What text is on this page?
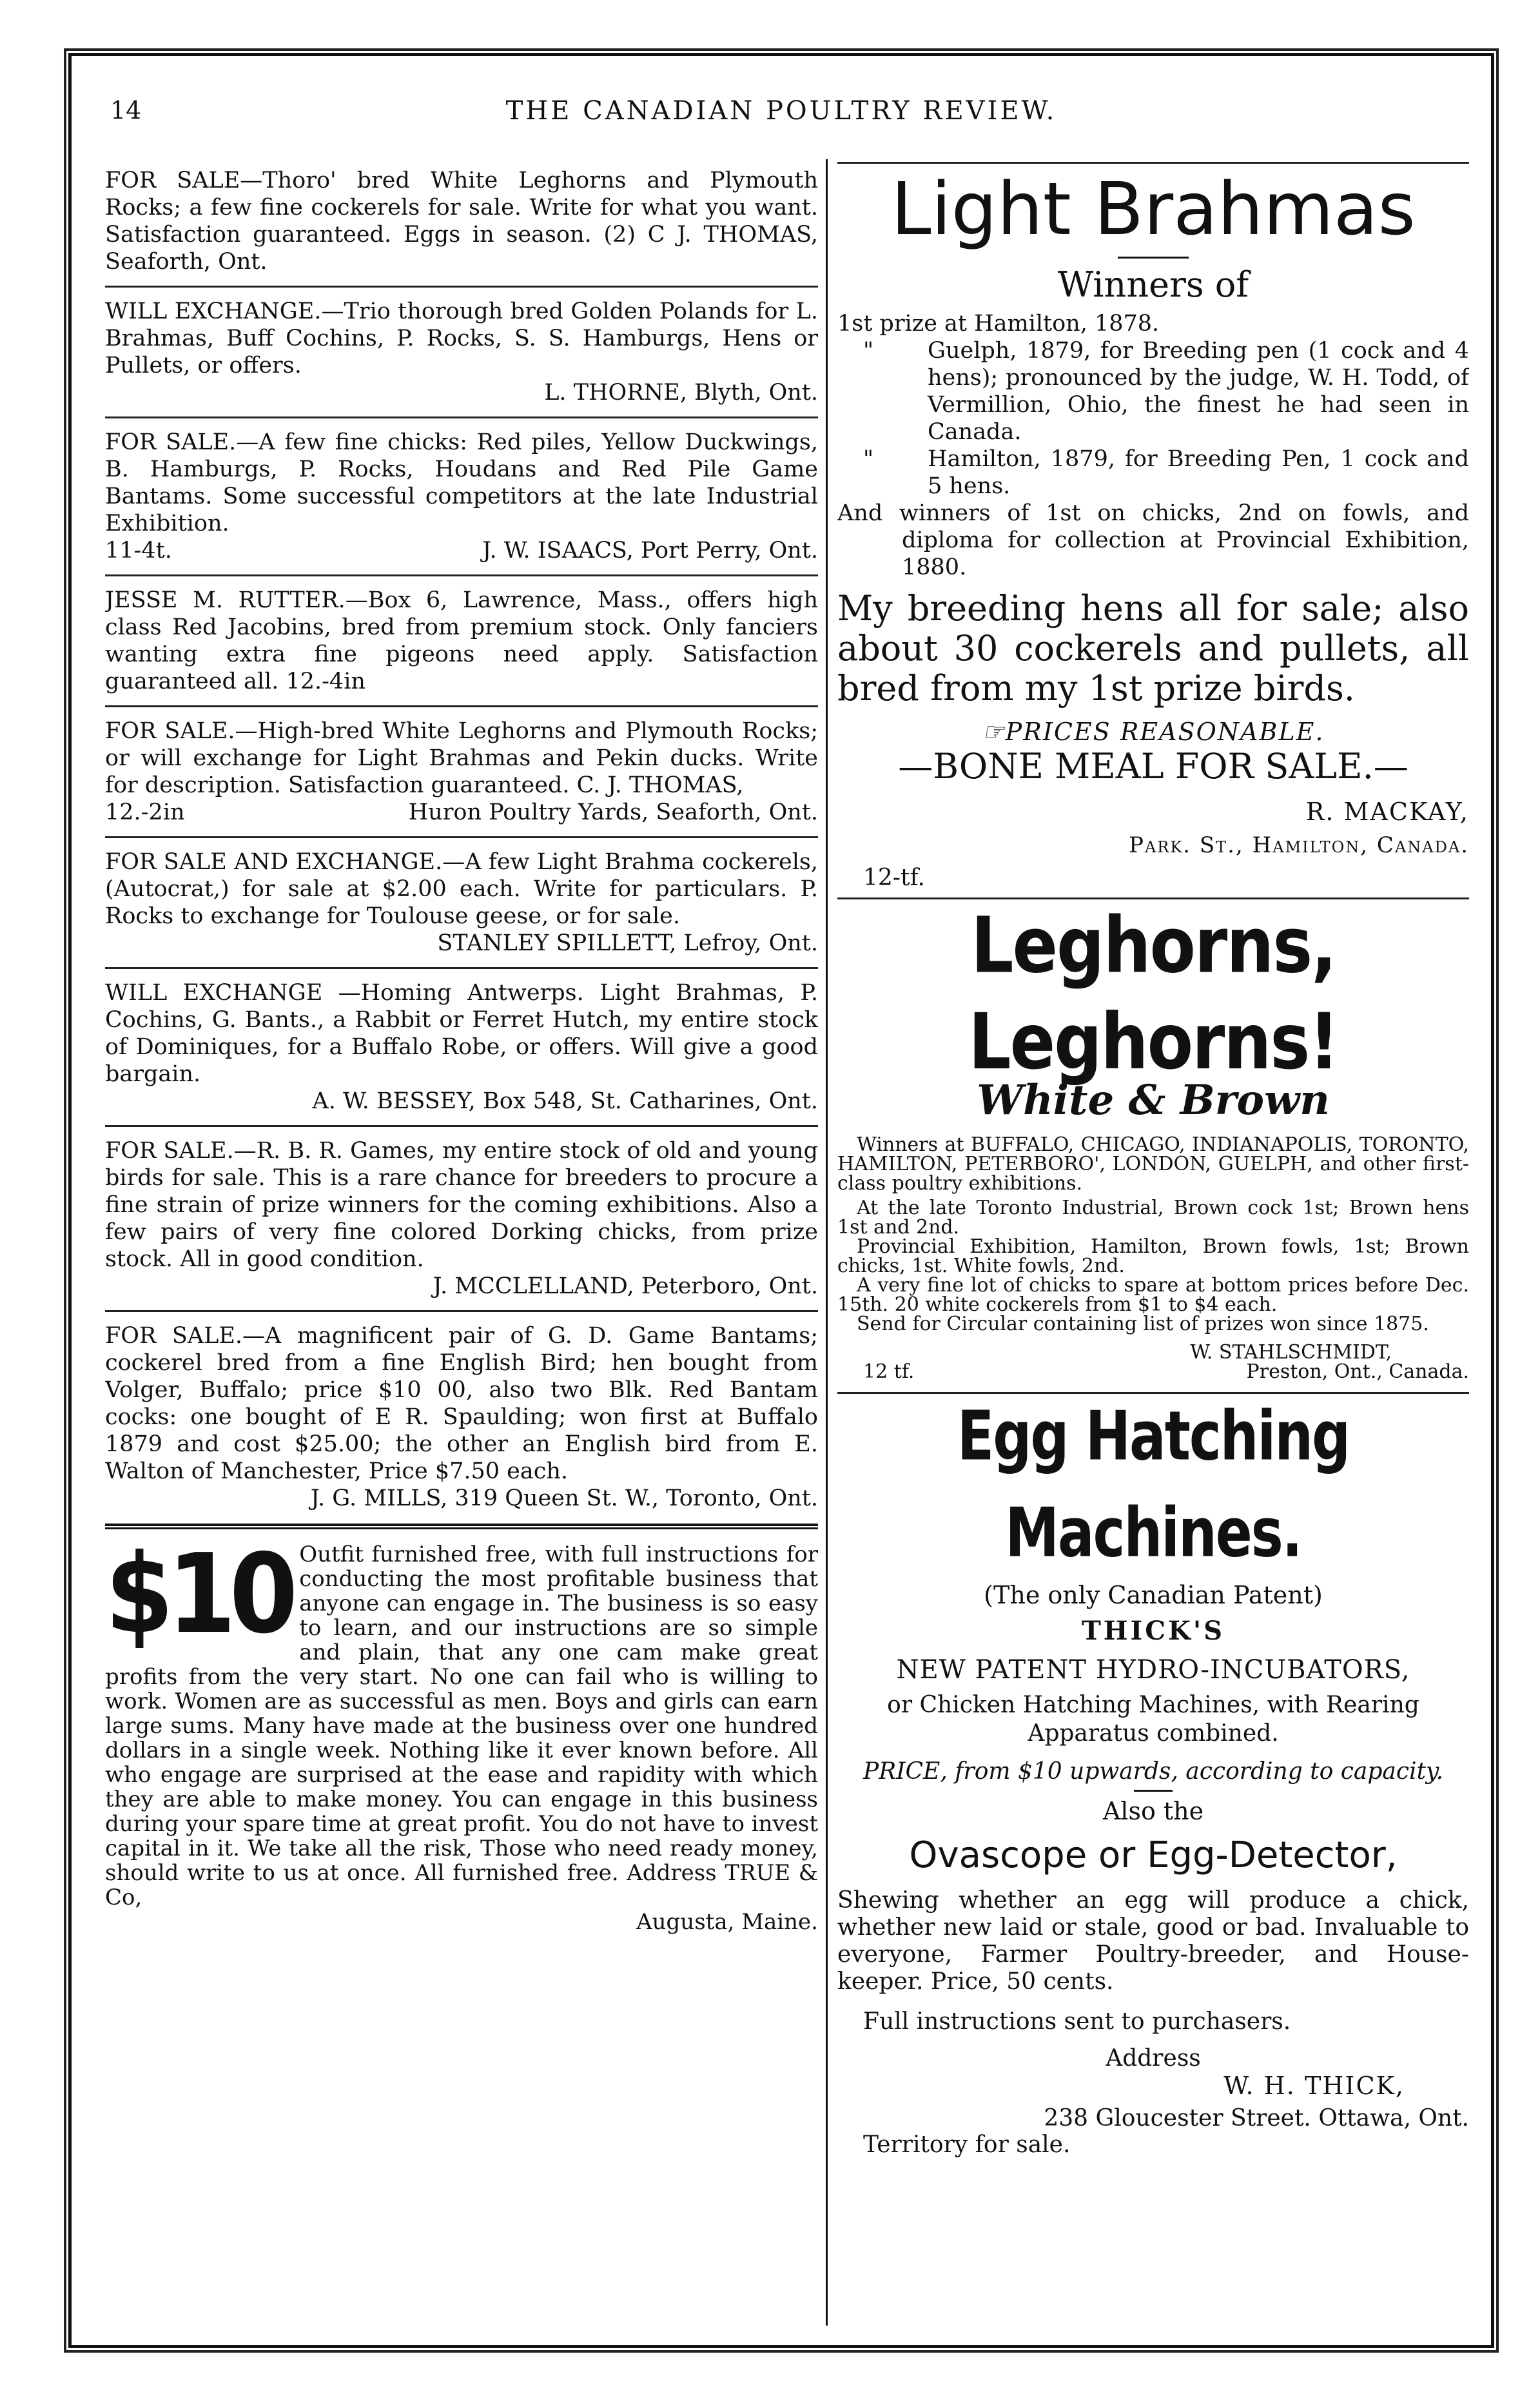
14	THE CANADIAN POULTRY REVIEW.

FOR SALE—Thoro' bred White Leghorns and Plymouth Rocks; a few fine cockerels for sale. Write for what you want. Satisfaction guaranteed. Eggs in season. (2) C J. THOMAS, Seaforth, Ont.

WILL EXCHANGE.—Trio thorough bred Golden Polands for L. Brahmas, Buff Cochins, P. Rocks, S. S. Hamburgs, Hens or Pullets, or offers.

L. THORNE, Blyth, Ont.

FOR SALE.—A few fine chicks: Red piles, Yellow Duckwings, B. Hamburgs, P. Rocks, Houdans and Red Pile Game Bantams. Some successful competitors at the late Industrial Exhibition.

11-4t.	J. W. ISAACS, Port Perry, Ont.

JESSE M. RUTTER.—Box 6, Lawrence, Mass., offers high class Red Jacobins, bred from premium stock. Only fanciers wanting extra fine pigeons need apply. Satisfaction guaranteed all. 12.-4in

FOR SALE.—High-bred White Leghorns and Plymouth Rocks; or will exchange for Light Brahmas and Pekin ducks. Write for description. Satisfaction guaranteed. C. J. THOMAS,

12.-2in	Huron Poultry Yards, Seaforth, Ont.

FOR SALE AND EXCHANGE.—A few Light Brahma cockerels, (Autocrat,) for sale at $2.00 each. Write for particulars. P. Rocks to exchange for Toulouse geese, or for sale.

STANLEY SPILLETT, Lefroy, Ont.

WILL EXCHANGE —Homing Antwerps. Light Brahmas, P. Cochins, G. Bants., a Rabbit or Ferret Hutch, my entire stock of Dominiques, for a Buffalo Robe, or offers. Will give a good bargain.

A. W. BESSEY, Box 548, St. Catharines, Ont.

FOR SALE.—R. B. R. Games, my entire stock of old and young birds for sale. This is a rare chance for breeders to procure a fine strain of prize winners for the coming exhibitions. Also a few pairs of very fine colored Dorking chicks, from prize stock. All in good condition.

J. MCCLELLAND, Peterboro, Ont.

FOR SALE.—A magnificent pair of G. D. Game Bantams; cockerel bred from a fine English Bird; hen bought from Volger, Buffalo; price $10 00, also two Blk. Red Bantam cocks: one bought of E R. Spaulding; won first at Buffalo 1879 and cost $25.00; the other an English bird from E. Walton of Manchester, Price $7.50 each.

J. G. MILLS, 319 Queen St. W., Toronto, Ont.

$10 Outfit furnished free, with full instructions for conducting the most profitable business that anyone can engage in. The business is so easy to learn, and our instructions are so simple and plain, that any one cam make great profits from the very start. No one can fail who is willing to work. Women are as successful as men. Boys and girls can earn large sums. Many have made at the business over one hundred dollars in a single week. Nothing like it ever known before. All who engage are surprised at the ease and rapidity with which they are able to make money. You can engage in this business during your spare time at great profit. You do not have to invest capital in it. We take all the risk, Those who need ready money, should write to us at once. All furnished free. Address TRUE & Co,

Augusta, Maine.

Light Brahmas
Winners of

1st prize at Hamilton, 1878.

"	Guelph, 1879, for Breeding pen (1 cock and 4 hens); pronounced by the judge, W. H. Todd, of Vermillion, Ohio, the finest he had seen in Canada.
"	Hamilton, 1879, for Breeding Pen, 1 cock and 5 hens.

And winners of 1st on chicks, 2nd on fowls, and diploma for collection at Provincial Exhibition, 1880.

My breeding hens all for sale; also about 30 cockerels and pullets, all bred from my 1st prize birds.
☞PRICES REASONABLE.
—BONE MEAL FOR SALE.—
R. MACKAY,
Park. St., Hamilton, Canada.
12-tf.
Leghorns, Leghorns!
White & Brown

Winners at BUFFALO, CHICAGO, INDIANAPOLIS, TORONTO, HAMILTON, PETERBORO', LONDON, GUELPH, and other first-class poultry exhibitions.

At the late Toronto Industrial, Brown cock 1st; Brown hens 1st and 2nd.

Provincial Exhibition, Hamilton, Brown fowls, 1st; Brown chicks, 1st. White fowls, 2nd.

A very fine lot of chicks to spare at bottom prices before Dec. 15th. 20 white cockerels from $1 to $4 each.

Send for Circular containing list of prizes won since 1875.

W. STAHLSCHMIDT,

12 tf.	Preston, Ont., Canada.
Egg Hatching Machines.
(The only Canadian Patent)
THICK'S
NEW PATENT HYDRO-INCUBATORS,
or Chicken Hatching Machines, with Rearing Apparatus combined.
PRICE, from $10 upwards, according to capacity.
Also the
Ovascope or Egg-Detector,
Shewing whether an egg will produce a chick, whether new laid or stale, good or bad. Invaluable to everyone, Farmer Poultry-breeder, and House-keeper. Price, 50 cents.
Full instructions sent to purchasers.
Address
W. H. THICK,
238 Gloucester Street. Ottawa, Ont.
Territory for sale.
